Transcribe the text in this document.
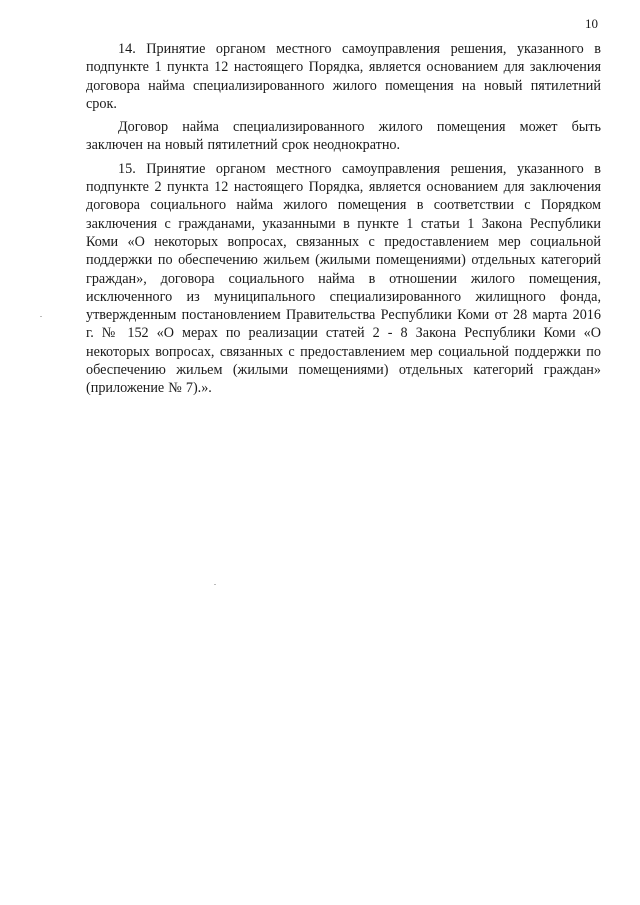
10

14. Принятие органом местного самоуправления решения, указанного в подпункте 1 пункта 12 настоящего Порядка, является основанием для заключения договора найма специализированного жилого помещения на новый пятилетний срок.

Договор найма специализированного жилого помещения может быть заключен на новый пятилетний срок неоднократно.

15. Принятие органом местного самоуправления решения, указанного в подпункте 2 пункта 12 настоящего Порядка, является основанием для заключения договора социального найма жилого помещения в соответствии с Порядком заключения с гражданами, указанными в пункте 1 статьи 1 Закона Республики Коми «О некоторых вопросах, связанных с предоставлением мер социальной поддержки по обеспечению жильем (жилыми помещениями) отдельных категорий граждан», договора социального найма в отношении жилого помещения, исключенного из муниципального специализированного жилищного фонда, утвержденным постановлением Правительства Республики Коми от 28 марта 2016 г. № 152 «О мерах по реализации статей 2 - 8 Закона Республики Коми «О некоторых вопросах, связанных с предоставлением мер социальной поддержки по обеспечению жильем (жилыми помещениями) отдельных категорий граждан» (приложение № 7).».
